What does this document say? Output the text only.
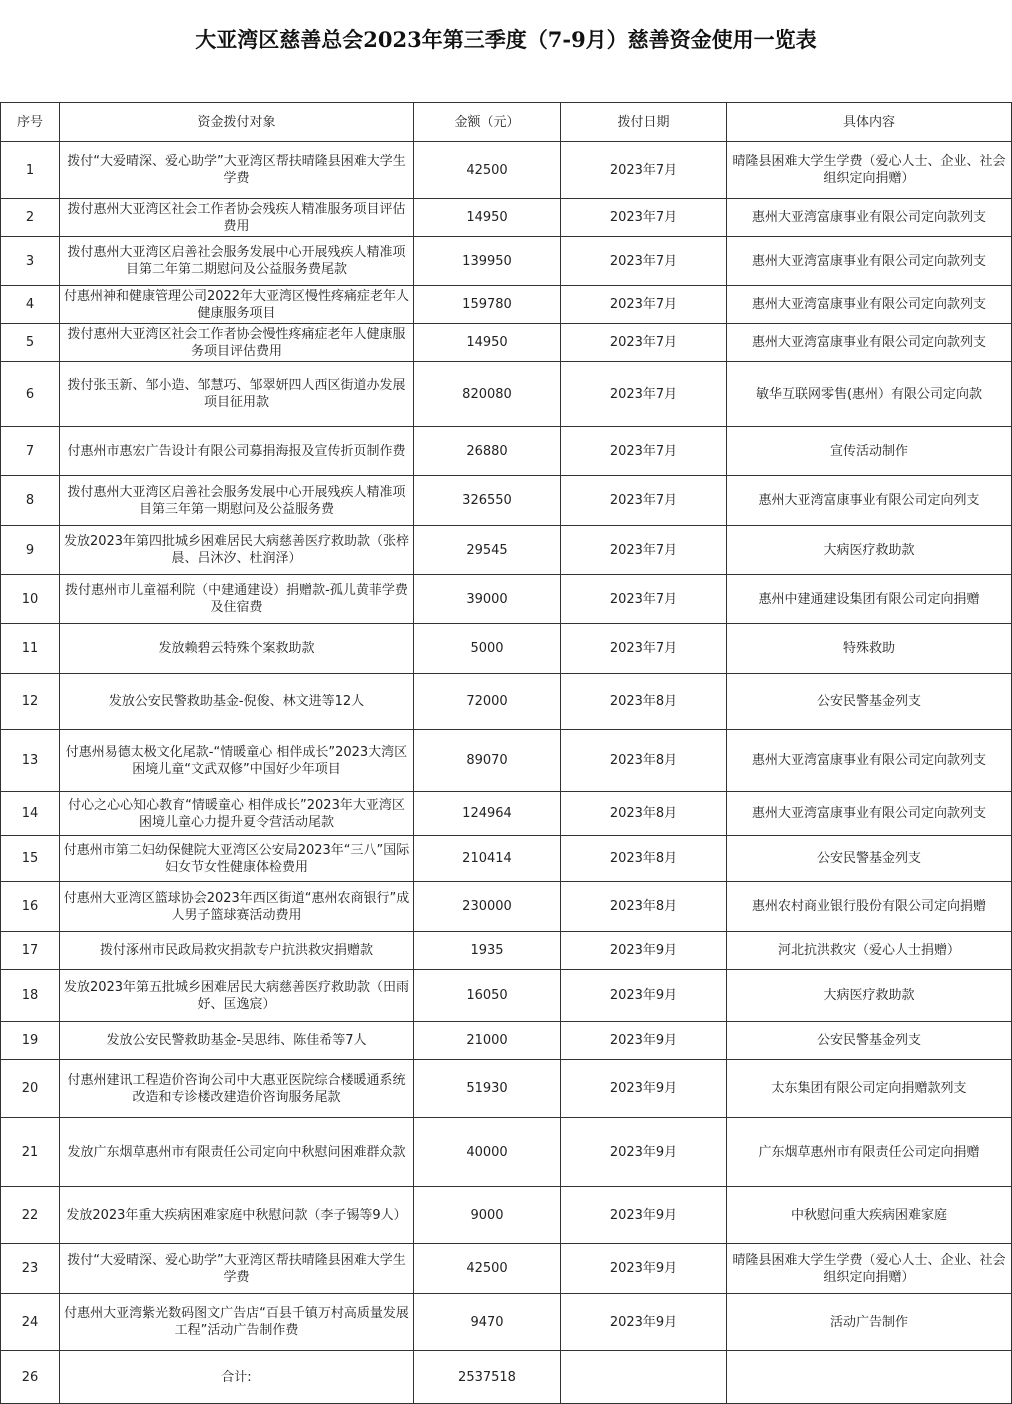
大亚湾区慈善总会2023年第三季度（7-9月）慈善资金使用一览表
序号	资金拨付对象	金额（元）	拨付日期	具体内容
1	拨付“大爱晴深、爱心助学”大亚湾区帮扶晴隆县困难大学生学费	42500	2023年7月	晴隆县困难大学生学费（爱心人士、企业、社会组织定向捐赠）
2	拨付惠州大亚湾区社会工作者协会残疾人精准服务项目评估费用	14950	2023年7月	惠州大亚湾富康事业有限公司定向款列支
3	拨付惠州大亚湾区启善社会服务发展中心开展残疾人精准项目第二年第二期慰问及公益服务费尾款	139950	2023年7月	惠州大亚湾富康事业有限公司定向款列支
4	付惠州神和健康管理公司2022年大亚湾区慢性疼痛症老年人健康服务项目	159780	2023年7月	惠州大亚湾富康事业有限公司定向款列支
5	拨付惠州大亚湾区社会工作者协会慢性疼痛症老年人健康服务项目评估费用	14950	2023年7月	惠州大亚湾富康事业有限公司定向款列支
6	拨付张玉新、邹小造、邹慧巧、邹翠妍四人西区街道办发展项目征用款	820080	2023年7月	敏华互联网零售(惠州）有限公司定向款
7	付惠州市惠宏广告设计有限公司募捐海报及宣传折页制作费	26880	2023年7月	宣传活动制作
8	拨付惠州大亚湾区启善社会服务发展中心开展残疾人精准项目第三年第一期慰问及公益服务费	326550	2023年7月	惠州大亚湾富康事业有限公司定向列支
9	发放2023年第四批城乡困难居民大病慈善医疗救助款（张梓晨、吕沐汐、杜润泽）	29545	2023年7月	大病医疗救助款
10	拨付惠州市儿童福利院（中建通建设）捐赠款-孤儿黄菲学费及住宿费	39000	2023年7月	惠州中建通建设集团有限公司定向捐赠
11	发放赖碧云特殊个案救助款	5000	2023年7月	特殊救助
12	发放公安民警救助基金-倪俊、林文进等12人	72000	2023年8月	公安民警基金列支
13	付惠州易德太极文化尾款-“情暖童心 相伴成长”2023大湾区困境儿童“文武双修”中国好少年项目	89070	2023年8月	惠州大亚湾富康事业有限公司定向款列支
14	付心之心心知心教育“情暖童心 相伴成长”2023年大亚湾区困境儿童心力提升夏令营活动尾款	124964	2023年8月	惠州大亚湾富康事业有限公司定向款列支
15	付惠州市第二妇幼保健院大亚湾区公安局2023年“三八”国际妇女节女性健康体检费用	210414	2023年8月	公安民警基金列支
16	付惠州大亚湾区篮球协会2023年西区街道“惠州农商银行”成人男子篮球赛活动费用	230000	2023年8月	惠州农村商业银行股份有限公司定向捐赠
17	拨付涿州市民政局救灾捐款专户抗洪救灾捐赠款	1935	2023年9月	河北抗洪救灾（爱心人士捐赠）
18	发放2023年第五批城乡困难居民大病慈善医疗救助款（田雨妤、匡逸宸）	16050	2023年9月	大病医疗救助款
19	发放公安民警救助基金-吴思纬、陈佳希等7人	21000	2023年9月	公安民警基金列支
20	付惠州建讯工程造价咨询公司中大惠亚医院综合楼暖通系统改造和专诊楼改建造价咨询服务尾款	51930	2023年9月	太东集团有限公司定向捐赠款列支
21	发放广东烟草惠州市有限责任公司定向中秋慰问困难群众款	40000	2023年9月	广东烟草惠州市有限责任公司定向捐赠
22	发放2023年重大疾病困难家庭中秋慰问款（李子锡等9人）	9000	2023年9月	中秋慰问重大疾病困难家庭
23	拨付“大爱晴深、爱心助学”大亚湾区帮扶晴隆县困难大学生学费	42500	2023年9月	晴隆县困难大学生学费（爱心人士、企业、社会组织定向捐赠）
24	付惠州大亚湾紫光数码图文广告店“百县千镇万村高质量发展工程”活动广告制作费	9470	2023年9月	活动广告制作
26	合计:	2537518		
